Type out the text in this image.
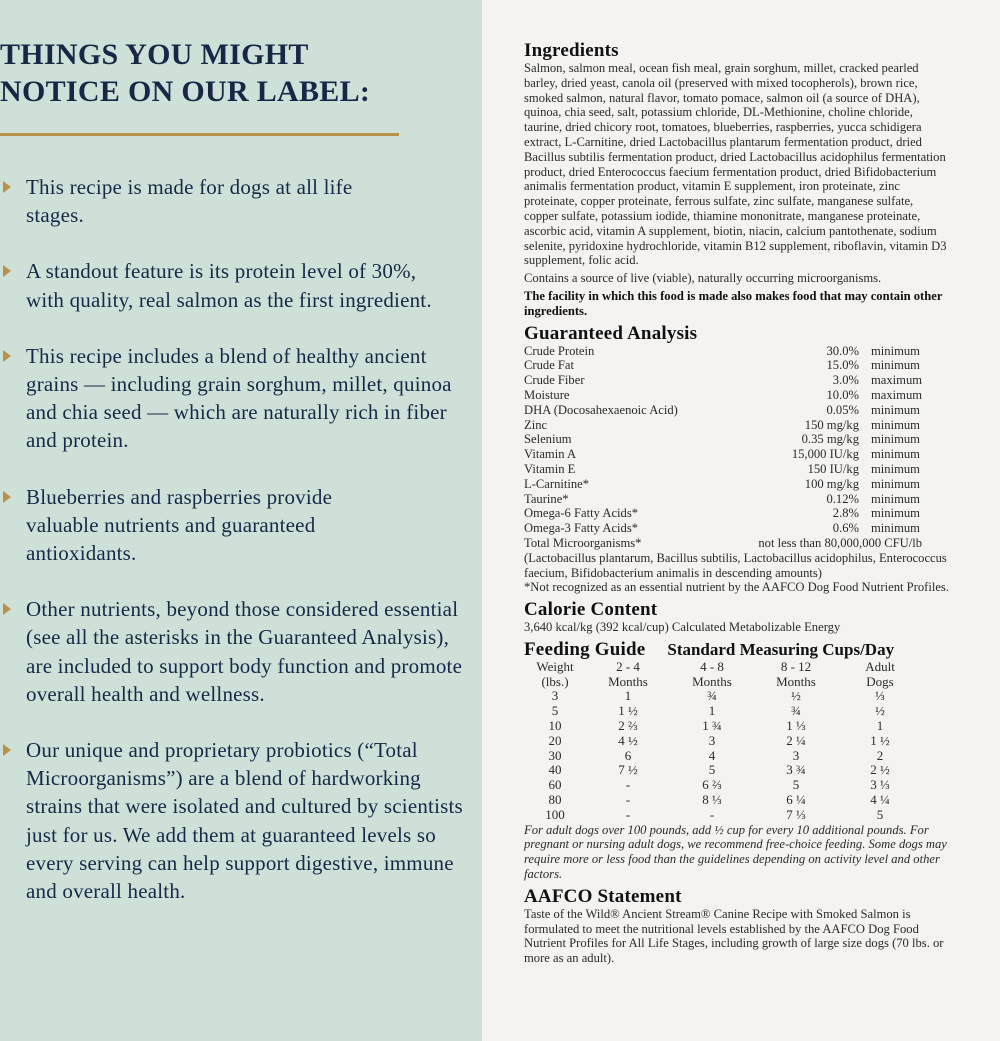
THINGS YOU MIGHT
NOTICE ON OUR LABEL:
This recipe is made for dogs at all life stages.
A standout feature is its protein level of 30%, with quality, real salmon as the first ingredient.
This recipe includes a blend of healthy ancient grains — including grain sorghum, millet, quinoa and chia seed — which are naturally rich in fiber and protein.
Blueberries and raspberries provide valuable nutrients and guaranteed antioxidants.
Other nutrients, beyond those considered essential (see all the asterisks in the Guaranteed Analysis), are included to support body function and promote overall health and wellness.
Our unique and proprietary probiotics (“Total Microorganisms”) are a blend of hardworking strains that were isolated and cultured by scientists just for us. We add them at guaranteed levels so every serving can help support digestive, immune and overall health.
Ingredients

Salmon, salmon meal, ocean fish meal, grain sorghum, millet, cracked pearled barley, dried yeast, canola oil (preserved with mixed tocopherols), brown rice, smoked salmon, natural flavor, tomato pomace, salmon oil (a source of DHA), quinoa, chia seed, salt, potassium chloride, DL-Methionine, choline chloride, taurine, dried chicory root, tomatoes, blueberries, raspberries, yucca schidigera extract, L-Carnitine, dried Lactobacillus plantarum fermentation product, dried Bacillus subtilis fermentation product, dried Lactobacillus acidophilus fermentation product, dried Enterococcus faecium fermentation product, dried Bifidobacterium animalis fermentation product, vitamin E supplement, iron proteinate, zinc proteinate, copper proteinate, ferrous sulfate, zinc sulfate, manganese sulfate, copper sulfate, potassium iodide, thiamine mononitrate, manganese proteinate, ascorbic acid, vitamin A supplement, biotin, niacin, calcium pantothenate, sodium selenite, pyridoxine hydrochloride, vitamin B12 supplement, riboflavin, vitamin D3 supplement, folic acid.

Contains a source of live (viable), naturally occurring microorganisms.

The facility in which this food is made also makes food that may contain other ingredients.

Guaranteed Analysis
Crude Protein	30.0%	minimum
Crude Fat	15.0%	minimum
Crude Fiber	3.0%	maximum
Moisture	10.0%	maximum
DHA (Docosahexaenoic Acid)	0.05%	minimum
Zinc	150 mg/kg	minimum
Selenium	0.35 mg/kg	minimum
Vitamin A	15,000 IU/kg	minimum
Vitamin E	150 IU/kg	minimum
L-Carnitine*	100 mg/kg	minimum
Taurine*	0.12%	minimum
Omega-6 Fatty Acids*	2.8%	minimum
Omega-3 Fatty Acids*	0.6%	minimum
Total Microorganisms*	not less than 80,000,000 CFU/lb	

(Lactobacillus plantarum, Bacillus subtilis, Lactobacillus acidophilus, Enterococcus faecium, Bifidobacterium animalis in descending amounts)

*Not recognized as an essential nutrient by the AAFCO Dog Food Nutrient Profiles.

Calorie Content

3,640 kcal/kg (392 kcal/cup) Calculated Metabolizable Energy

Feeding Guide Standard Measuring Cups/Day
Weight	2 - 4	4 - 8	8 - 12	Adult
(lbs.)	Months	Months	Months	Dogs
3	1	¾	½	⅓
5	1 ½	1	¾	½
10	2 ⅔	1 ¾	1 ⅓	1
20	4 ½	3	2 ¼	1 ½
30	6	4	3	2
40	7 ½	5	3 ¾	2 ½
60	-	6 ⅔	5	3 ⅓
80	-	8 ⅓	6 ¼	4 ¼
100	-	-	7 ⅓	5
For adult dogs over 100 pounds, add ½ cup for every 10 additional pounds. For pregnant or nursing adult dogs, we recommend free-choice feeding. Some dogs may require more or less food than the guidelines depending on activity level and other factors.
AAFCO Statement

Taste of the Wild® Ancient Stream® Canine Recipe with Smoked Salmon is formulated to meet the nutritional levels established by the AAFCO Dog Food Nutrient Profiles for All Life Stages, including growth of large size dogs (70 lbs. or more as an adult).
